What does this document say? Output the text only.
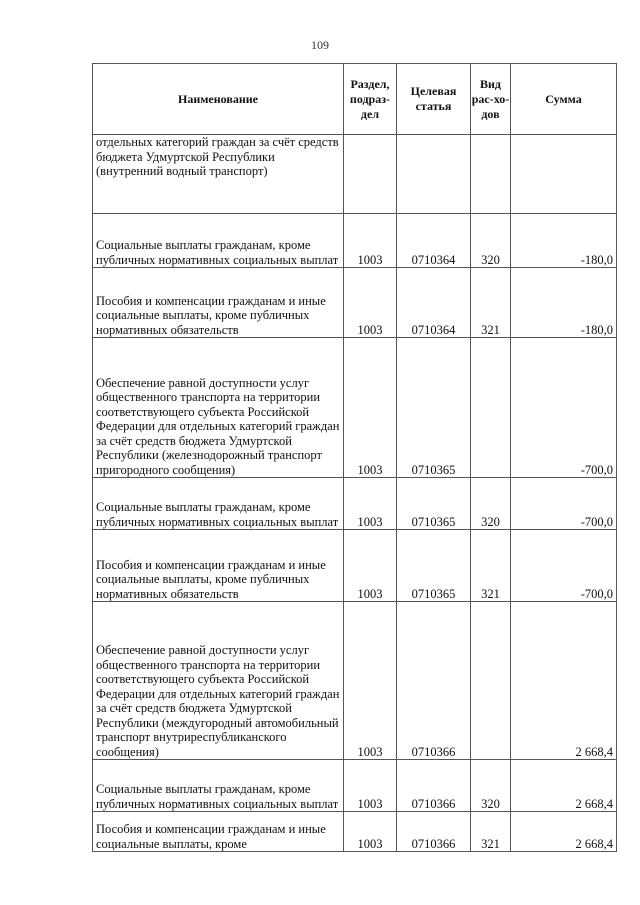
109
Наименование	Раздел, подраз-дел	Целевая статья	Вид рас-хо-дов	Сумма
отдельных категорий граждан за счёт средств бюджета Удмуртской Республики (внутренний водный транспорт)				
Социальные выплаты гражданам, кроме публичных нормативных социальных выплат	1003	0710364	320	-180,0
Пособия и компенсации гражданам и иные социальные выплаты, кроме публичных нормативных обязательств	1003	0710364	321	-180,0
Обеспечение равной доступности услуг общественного транспорта на территории соответствующего субъекта Российской Федерации для отдельных категорий граждан за счёт средств бюджета Удмуртской Республики (железнодорожный транспорт пригородного сообщения)	1003	0710365		-700,0
Социальные выплаты гражданам, кроме публичных нормативных социальных выплат	1003	0710365	320	-700,0
Пособия и компенсации гражданам и иные социальные выплаты, кроме публичных нормативных обязательств	1003	0710365	321	-700,0
Обеспечение равной доступности услуг общественного транспорта на территории соответствующего субъекта Российской Федерации для отдельных категорий граждан за счёт средств бюджета Удмуртской Республики (междугородный автомобильный транспорт внутриреспубликанского сообщения)	1003	0710366		2 668,4
Социальные выплаты гражданам, кроме публичных нормативных социальных выплат	1003	0710366	320	2 668,4
Пособия и компенсации гражданам и иные социальные выплаты, кроме	1003	0710366	321	2 668,4
